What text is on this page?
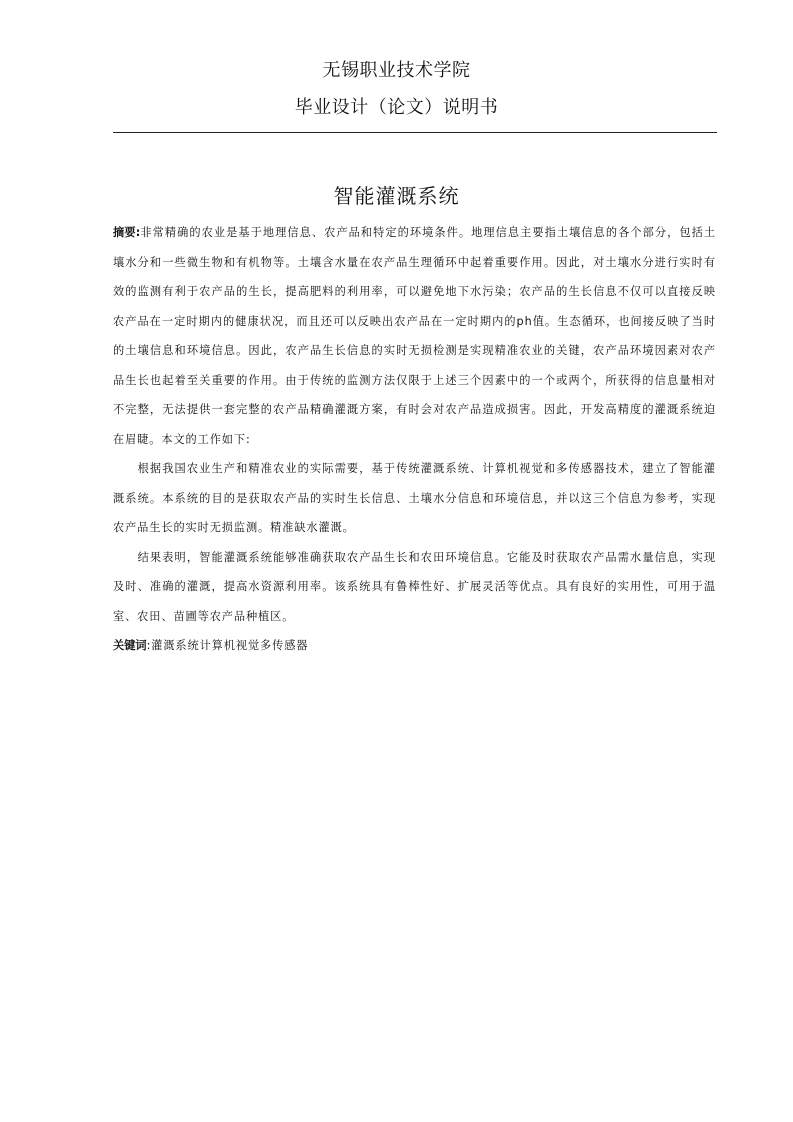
无锡职业技术学院
毕业设计（论文）说明书
智能灌溉系统

摘要:非常精确的农业是基于地理信息、农产品和特定的环境条件。地理信息主要指土壤信息的各个部分，包括土壤水分和一些微生物和有机物等。土壤含水量在农产品生理循环中起着重要作用。因此，对土壤水分进行实时有效的监测有利于农产品的生长，提高肥料的利用率，可以避免地下水污染；农产品的生长信息不仅可以直接反映农产品在一定时期内的健康状况，而且还可以反映出农产品在一定时期内的ph值。生态循环，也间接反映了当时的土壤信息和环境信息。因此，农产品生长信息的实时无损检测是实现精准农业的关键，农产品环境因素对农产品生长也起着至关重要的作用。由于传统的监测方法仅限于上述三个因素中的一个或两个，所获得的信息量相对不完整，无法提供一套完整的农产品精确灌溉方案，有时会对农产品造成损害。因此，开发高精度的灌溉系统迫在眉睫。本文的工作如下:

根据我国农业生产和精准农业的实际需要，基于传统灌溉系统、计算机视觉和多传感器技术，建立了智能灌溉系统。本系统的目的是获取农产品的实时生长信息、土壤水分信息和环境信息，并以这三个信息为参考，实现农产品生长的实时无损监测。精准缺水灌溉。

结果表明，智能灌溉系统能够准确获取农产品生长和农田环境信息。它能及时获取农产品需水量信息，实现及时、准确的灌溉，提高水资源利用率。该系统具有鲁棒性好、扩展灵活等优点。具有良好的实用性，可用于温室、农田、苗圃等农产品种植区。

关键词:灌溉系统计算机视觉多传感器
